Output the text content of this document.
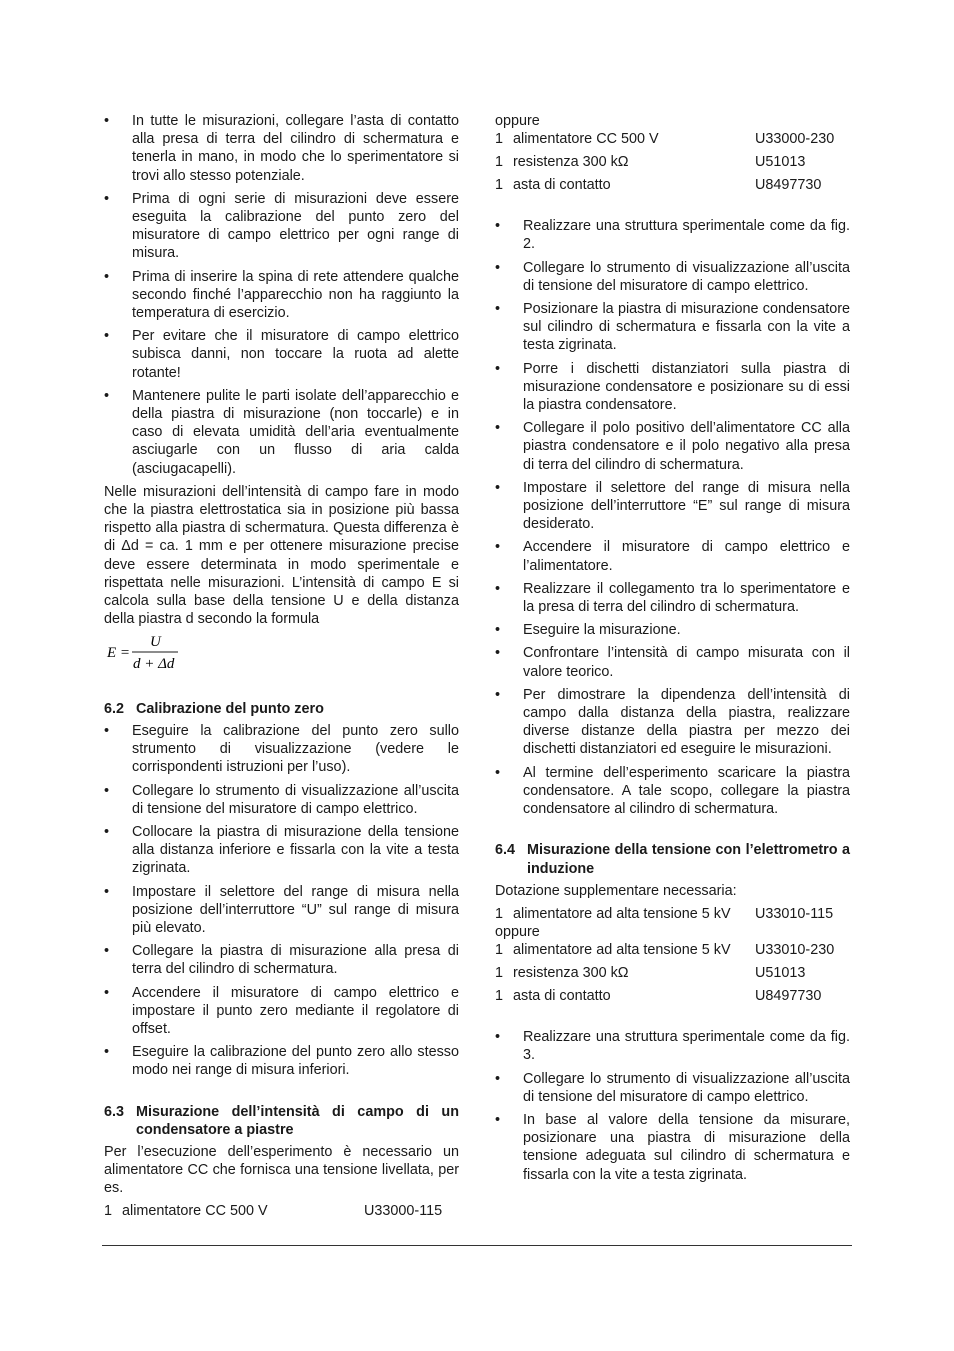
• In tutte le misurazioni, collegare l’asta di contatto alla presa di terra del cilindro di schermatura e tenerla in mano, in modo che lo sperimentatore si trovi allo stesso potenziale.
• Prima di ogni serie di misurazioni deve essere eseguita la calibrazione del punto zero del misuratore di campo elettrico per ogni range di misura.
• Prima di inserire la spina di rete attendere qualche secondo finché l’apparecchio non ha raggiunto la temperatura di esercizio.
• Per evitare che il misuratore di campo elettrico subisca danni, non toccare la ruota ad alette rotante!
• Mantenere pulite le parti isolate dell’apparecchio e della piastra di misurazione (non toccarle) e in caso di elevata umidità dell’aria eventualmente asciugarle con un flusso di aria calda (asciugacapelli).

Nelle misurazioni dell’intensità di campo fare in modo che la piastra elettrostatica sia in posizione più bassa rispetto alla piastra di schermatura. Questa differenza è di Δd = ca. 1 mm e per ottenere misurazione precise deve essere determinata in modo sperimentale e rispettata nelle misurazioni. L’intensità di campo E si calcola sulla base della tensione U e della distanza della piastra d secondo la formula

E =
U
d + Δd
6.2 Calibrazione del punto zero
• Eseguire la calibrazione del punto zero sullo strumento di visualizzazione (vedere le corrispondenti istruzioni per l’uso).
• Collegare lo strumento di visualizzazione all’uscita di tensione del misuratore di campo elettrico.
• Collocare la piastra di misurazione della tensione alla distanza inferiore e fissarla con la vite a testa zigrinata.
• Impostare il selettore del range di misura nella posizione dell’interruttore “U” sul range di misura più elevato.
• Collegare la piastra di misurazione alla presa di terra del cilindro di schermatura.
• Accendere il misuratore di campo elettrico e impostare il punto zero mediante il regolatore di offset.
• Eseguire la calibrazione del punto zero allo stesso modo nei range di misura inferiori.
6.3 Misurazione dell’intensità di campo di un condensatore a piastre

Per l’esecuzione dell’esperimento è necessario un alimentatore CC che fornisca una tensione livellata, per es.

1 alimentatore CC 500 V	U33000-115

oppure

1 alimentatore CC 500 V	U33000-230
1 resistenza 300 kΩ	U51013
1 asta di contatto	U8497730
• Realizzare una struttura sperimentale come da fig. 2.
• Collegare lo strumento di visualizzazione all’uscita di tensione del misuratore di campo elettrico.
• Posizionare la piastra di misurazione condensatore sul cilindro di schermatura e fissarla con la vite a testa zigrinata.
• Porre i dischetti distanziatori sulla piastra di misurazione condensatore e posizionare su di essi la piastra condensatore.
• Collegare il polo positivo dell’alimentatore CC alla piastra condensatore e il polo negativo alla presa di terra del cilindro di schermatura.
• Impostare il selettore del range di misura nella posizione dell’interruttore “E” sul range di misura desiderato.
• Accendere il misuratore di campo elettrico e l’alimentatore.
• Realizzare il collegamento tra lo sperimentatore e la presa di terra del cilindro di schermatura.
• Eseguire la misurazione.
• Confrontare l’intensità di campo misurata con il valore teorico.
• Per dimostrare la dipendenza dell’intensità di campo dalla distanza della piastra, realizzare diverse distanze della piastra per mezzo dei dischetti distanziatori ed eseguire le misurazioni.
• Al termine dell’esperimento scaricare la piastra condensatore. A tale scopo, collegare la piastra condensatore al cilindro di schermatura.
6.4 Misurazione della tensione con l’elettrometro a induzione

Dotazione supplementare necessaria:

1 alimentatore ad alta tensione 5 kV U33010-115

oppure

1 alimentatore ad alta tensione 5 kV U33010-230
1 resistenza 300 kΩ	U51013
1 asta di contatto	U8497730
• Realizzare una struttura sperimentale come da fig. 3.
• Collegare lo strumento di visualizzazione all’uscita di tensione del misuratore di campo elettrico.
• In base al valore della tensione da misurare, posizionare una piastra di misurazione della tensione adeguata sul cilindro di schermatura e fissarla con la vite a testa zigrinata.
